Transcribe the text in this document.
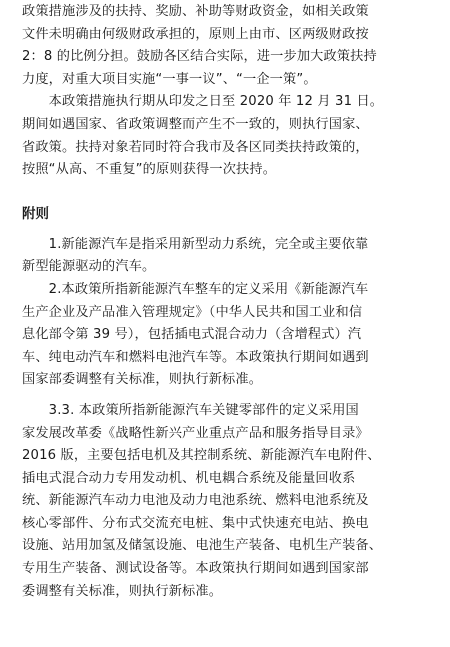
政策措施涉及的扶持、奖励、补助等财政资金，如相关政策
文件未明确由何级财政承担的，原则上由市、区两级财政按
2：8 的比例分担。鼓励各区结合实际，进一步加大政策扶持
力度，对重大项目实施“一事一议”、“一企一策”。

　　本政策措施执行期从印发之日至 2020 年 12 月 31 日。
期间如遇国家、省政策调整而产生不一致的，则执行国家、
省政策。扶持对象若同时符合我市及各区同类扶持政策的，
按照“从高、不重复”的原则获得一次扶持。

附则

　　1.新能源汽车是指采用新型动力系统，完全或主要依靠
新型能源驱动的汽车。

　　2.本政策所指新能源汽车整车的定义采用《新能源汽车
生产企业及产品准入管理规定》（中华人民共和国工业和信
息化部令第 39 号），包括插电式混合动力（含增程式）汽
车、纯电动汽车和燃料电池汽车等。本政策执行期间如遇到
国家部委调整有关标准，则执行新标准。

　　3.3. 本政策所指新能源汽车关键零部件的定义采用国
家发展改革委《战略性新兴产业重点产品和服务指导目录》
2016 版，主要包括电机及其控制系统、新能源汽车电附件、
插电式混合动力专用发动机、机电耦合系统及能量回收系
统、新能源汽车动力电池及动力电池系统、燃料电池系统及
核心零部件、分布式交流充电桩、集中式快速充电站、换电
设施、站用加氢及储氢设施、电池生产装备、电机生产装备、
专用生产装备、测试设备等。本政策执行期间如遇到国家部
委调整有关标准，则执行新标准。
